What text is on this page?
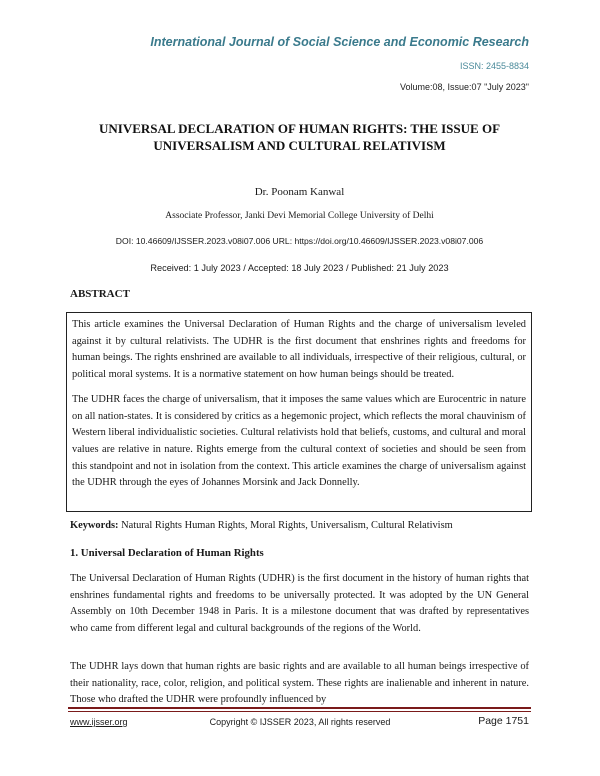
International Journal of Social Science and Economic Research
ISSN: 2455-8834
Volume:08, Issue:07 "July 2023"
UNIVERSAL DECLARATION OF HUMAN RIGHTS: THE ISSUE OF UNIVERSALISM AND CULTURAL RELATIVISM
Dr. Poonam Kanwal
Associate Professor, Janki Devi Memorial College University of Delhi
DOI: 10.46609/IJSSER.2023.v08i07.006 URL: https://doi.org/10.46609/IJSSER.2023.v08i07.006
Received: 1 July 2023 / Accepted: 18 July 2023 / Published: 21 July 2023
ABSTRACT

This article examines the Universal Declaration of Human Rights and the charge of universalism leveled against it by cultural relativists. The UDHR is the first document that enshrines rights and freedoms for human beings. The rights enshrined are available to all individuals, irrespective of their religious, cultural, or political moral systems. It is a normative statement on how human beings should be treated.

The UDHR faces the charge of universalism, that it imposes the same values which are Eurocentric in nature on all nation-states. It is considered by critics as a hegemonic project, which reflects the moral chauvinism of Western liberal individualistic societies. Cultural relativists hold that beliefs, customs, and cultural and moral values are relative in nature. Rights emerge from the cultural context of societies and should be seen from this standpoint and not in isolation from the context. This article examines the charge of universalism against the UDHR through the eyes of Johannes Morsink and Jack Donnelly.

Keywords: Natural Rights Human Rights, Moral Rights, Universalism, Cultural Relativism
1. Universal Declaration of Human Rights

The Universal Declaration of Human Rights (UDHR) is the first document in the history of human rights that enshrines fundamental rights and freedoms to be universally protected. It was adopted by the UN General Assembly on 10th December 1948 in Paris. It is a milestone document that was drafted by representatives who came from different legal and cultural backgrounds of the regions of the World.

The UDHR lays down that human rights are basic rights and are available to all human beings irrespective of their nationality, race, color, religion, and political system. These rights are inalienable and inherent in nature. Those who drafted the UDHR were profoundly influenced by

www.ijsser.org	Copyright © IJSSER 2023, All rights reserved	Page 1751
